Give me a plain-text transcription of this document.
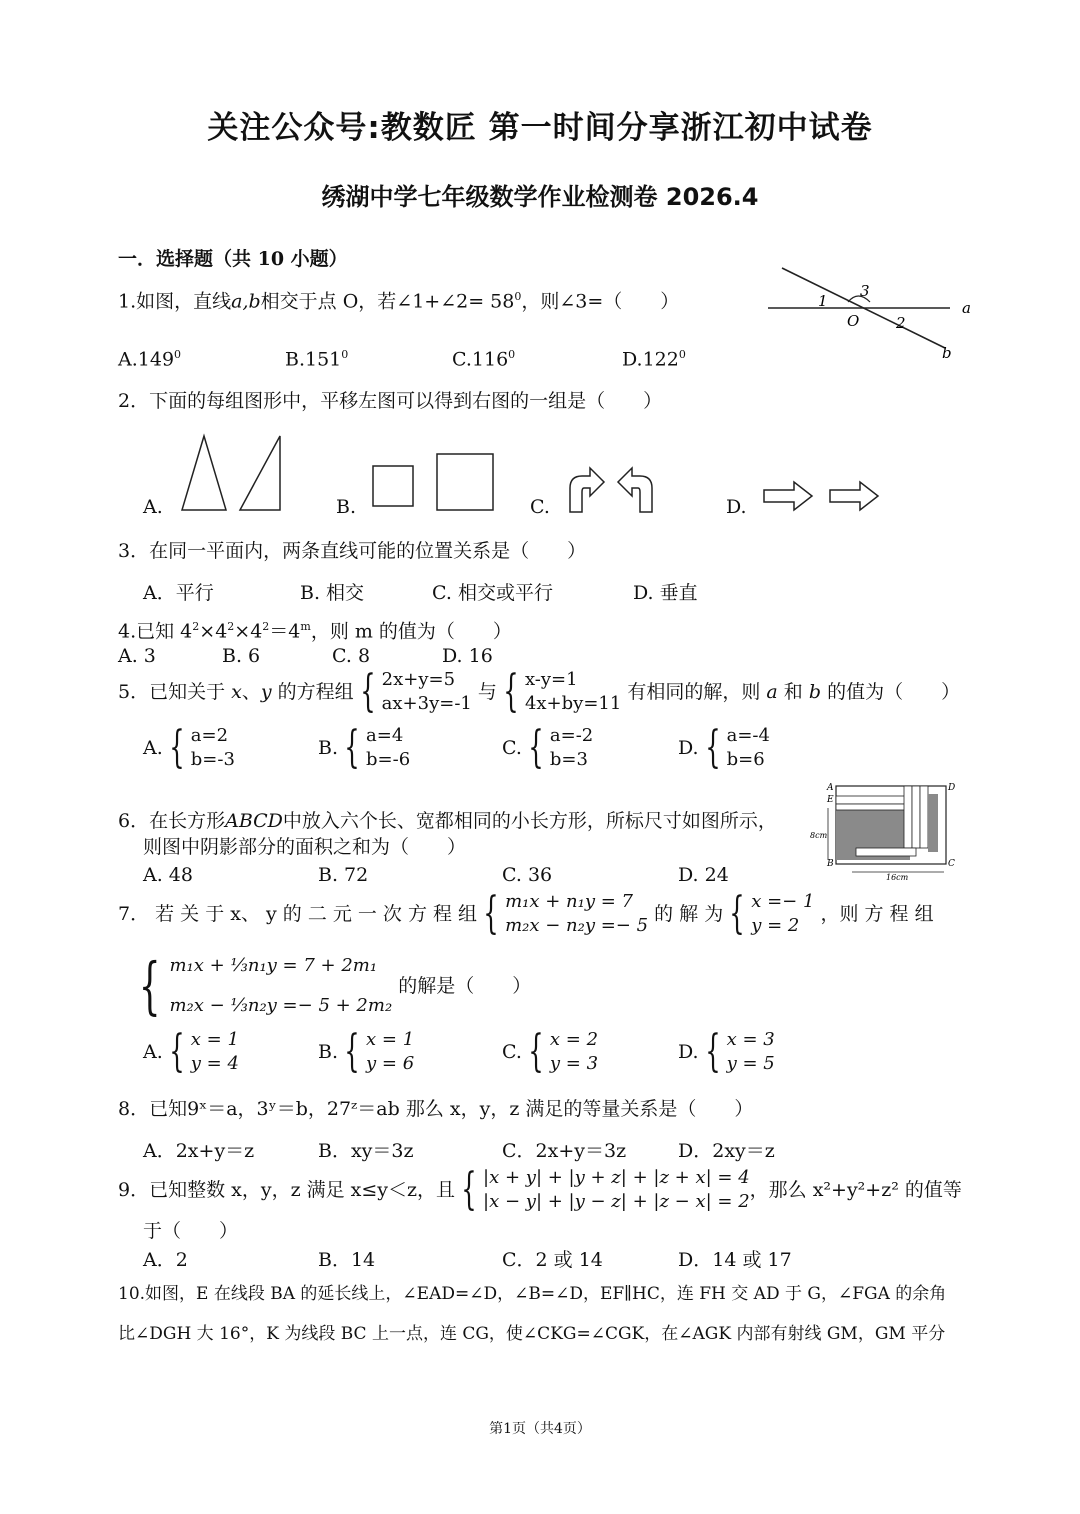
关注公众号:教数匠 第一时间分享浙江初中试卷
绣湖中学七年级数学作业检测卷 2026.4
一．选择题（共 10 小题）
1.如图，直线a,b相交于点 O，若∠1+∠2= $58^0$，则∠3=（　　）
A.149$^0$	B.151$^0$	C.116$^0$	D.122$^0$
1
3
O 2
a
b
2．下面的每组图形中，平移左图可以得到右图的一组是（　　）
A.	B.	C.	D.
3．在同一平面内，两条直线可能的位置关系是（　　）
A．平行	B. 相交	C. 相交或平行	D. 垂直
4.已知 $4^2\times 4^2\times 4^2=4^m$，则 m 的值为（　　）
A. 3	B. 6	C. 8	D. 16
5．已知关于 x、y 的方程组 { 2x+y=5
ax+3y=-1 与 { x-y=1
4x+by=11 有相同的解，则 a 和 b 的值为（　　）
A. { a=2
b=-3
B. { a=4
b=-6
C. { a=-2
b=3
D. { a=-4
b=6
6．在长方形ABCD中放入六个长、宽都相同的小长方形，所标尺寸如图所示，
则图中阴影部分的面积之和为（　　）
A. 48	B. 72	C. 36	D. 24
A
E
B
D
C
8cm
16cm
7． 若 关 于 x、 y 的 二 元 一 次 方 程 组 { m₁x + n₁y = 7
m₂x − n₂y =− 5 的 解 为 { x =− 1
y = 2 ，则 方 程 组
{ m₁x + ⅓n₁y = 7 + 2m₁
m₂x − ⅓n₂y =− 5 + 2m₂ 的解是（　　）
A. { x = 1
y = 4
B. { x = 1
y = 6
C. { x = 2
y = 3
D. { x = 3
y = 5
8．已知9ˣ＝a，3ʸ＝b，27ᶻ＝ab 那么 x，y，z 满足的等量关系是（　　）
A．2x+y＝z	B．xy＝3z	C．2x+y＝3z	D．2xy＝z
9．已知整数 x，y，z 满足 x≤y＜z，且 { |x + y| + |y + z| + |z + x| = 4
|x − y| + |y − z| + |z − x| = 2，那么 x²+y²+z² 的值等
于（　　）
A．2	B．14	C．2 或 14	D．14 或 17
10.如图，E 在线段 BA 的延长线上，∠EAD=∠D，∠B=∠D，EF∥HC，连 FH 交 AD 于 G，∠FGA 的余角
比∠DGH 大 16°，K 为线段 BC 上一点，连 CG，使∠CKG=∠CGK，在∠AGK 内部有射线 GM，GM 平分
第1页（共4页）
